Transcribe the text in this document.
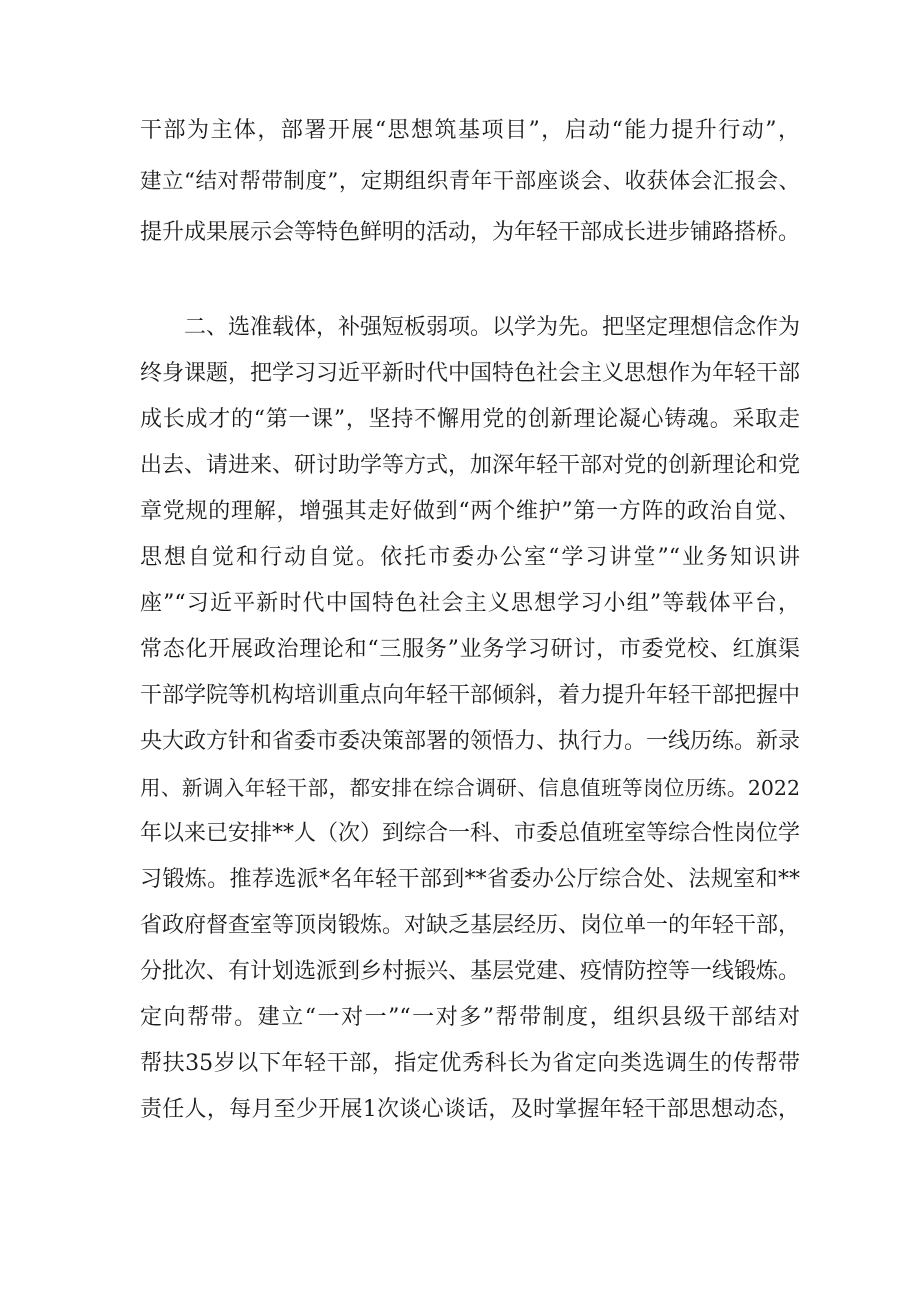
干部为主体，部署开展“思想筑基项目”，启动“能力提升行动”，
建立“结对帮带制度”，定期组织青年干部座谈会、收获体会汇报会、
提升成果展示会等特色鲜明的活动，为年轻干部成长进步铺路搭桥。
二、选准载体，补强短板弱项。以学为先。把坚定理想信念作为
终身课题，把学习习近平新时代中国特色社会主义思想作为年轻干部
成长成才的“第一课”，坚持不懈用党的创新理论凝心铸魂。采取走
出去、请进来、研讨助学等方式，加深年轻干部对党的创新理论和党
章党规的理解，增强其走好做到“两个维护”第一方阵的政治自觉、
思想自觉和行动自觉。依托市委办公室“学习讲堂”“业务知识讲
座”“习近平新时代中国特色社会主义思想学习小组”等载体平台，
常态化开展政治理论和“三服务”业务学习研讨，市委党校、红旗渠
干部学院等机构培训重点向年轻干部倾斜，着力提升年轻干部把握中
央大政方针和省委市委决策部署的领悟力、执行力。一线历练。新录
用、新调入年轻干部，都安排在综合调研、信息值班等岗位历练。2022
年以来已安排**人（次）到综合一科、市委总值班室等综合性岗位学
习锻炼。推荐选派*名年轻干部到**省委办公厅综合处、法规室和**
省政府督查室等顶岗锻炼。对缺乏基层经历、岗位单一的年轻干部，
分批次、有计划选派到乡村振兴、基层党建、疫情防控等一线锻炼。
定向帮带。建立“一对一”“一对多”帮带制度，组织县级干部结对
帮扶35岁以下年轻干部，指定优秀科长为省定向类选调生的传帮带
责任人，每月至少开展1次谈心谈话，及时掌握年轻干部思想动态，
